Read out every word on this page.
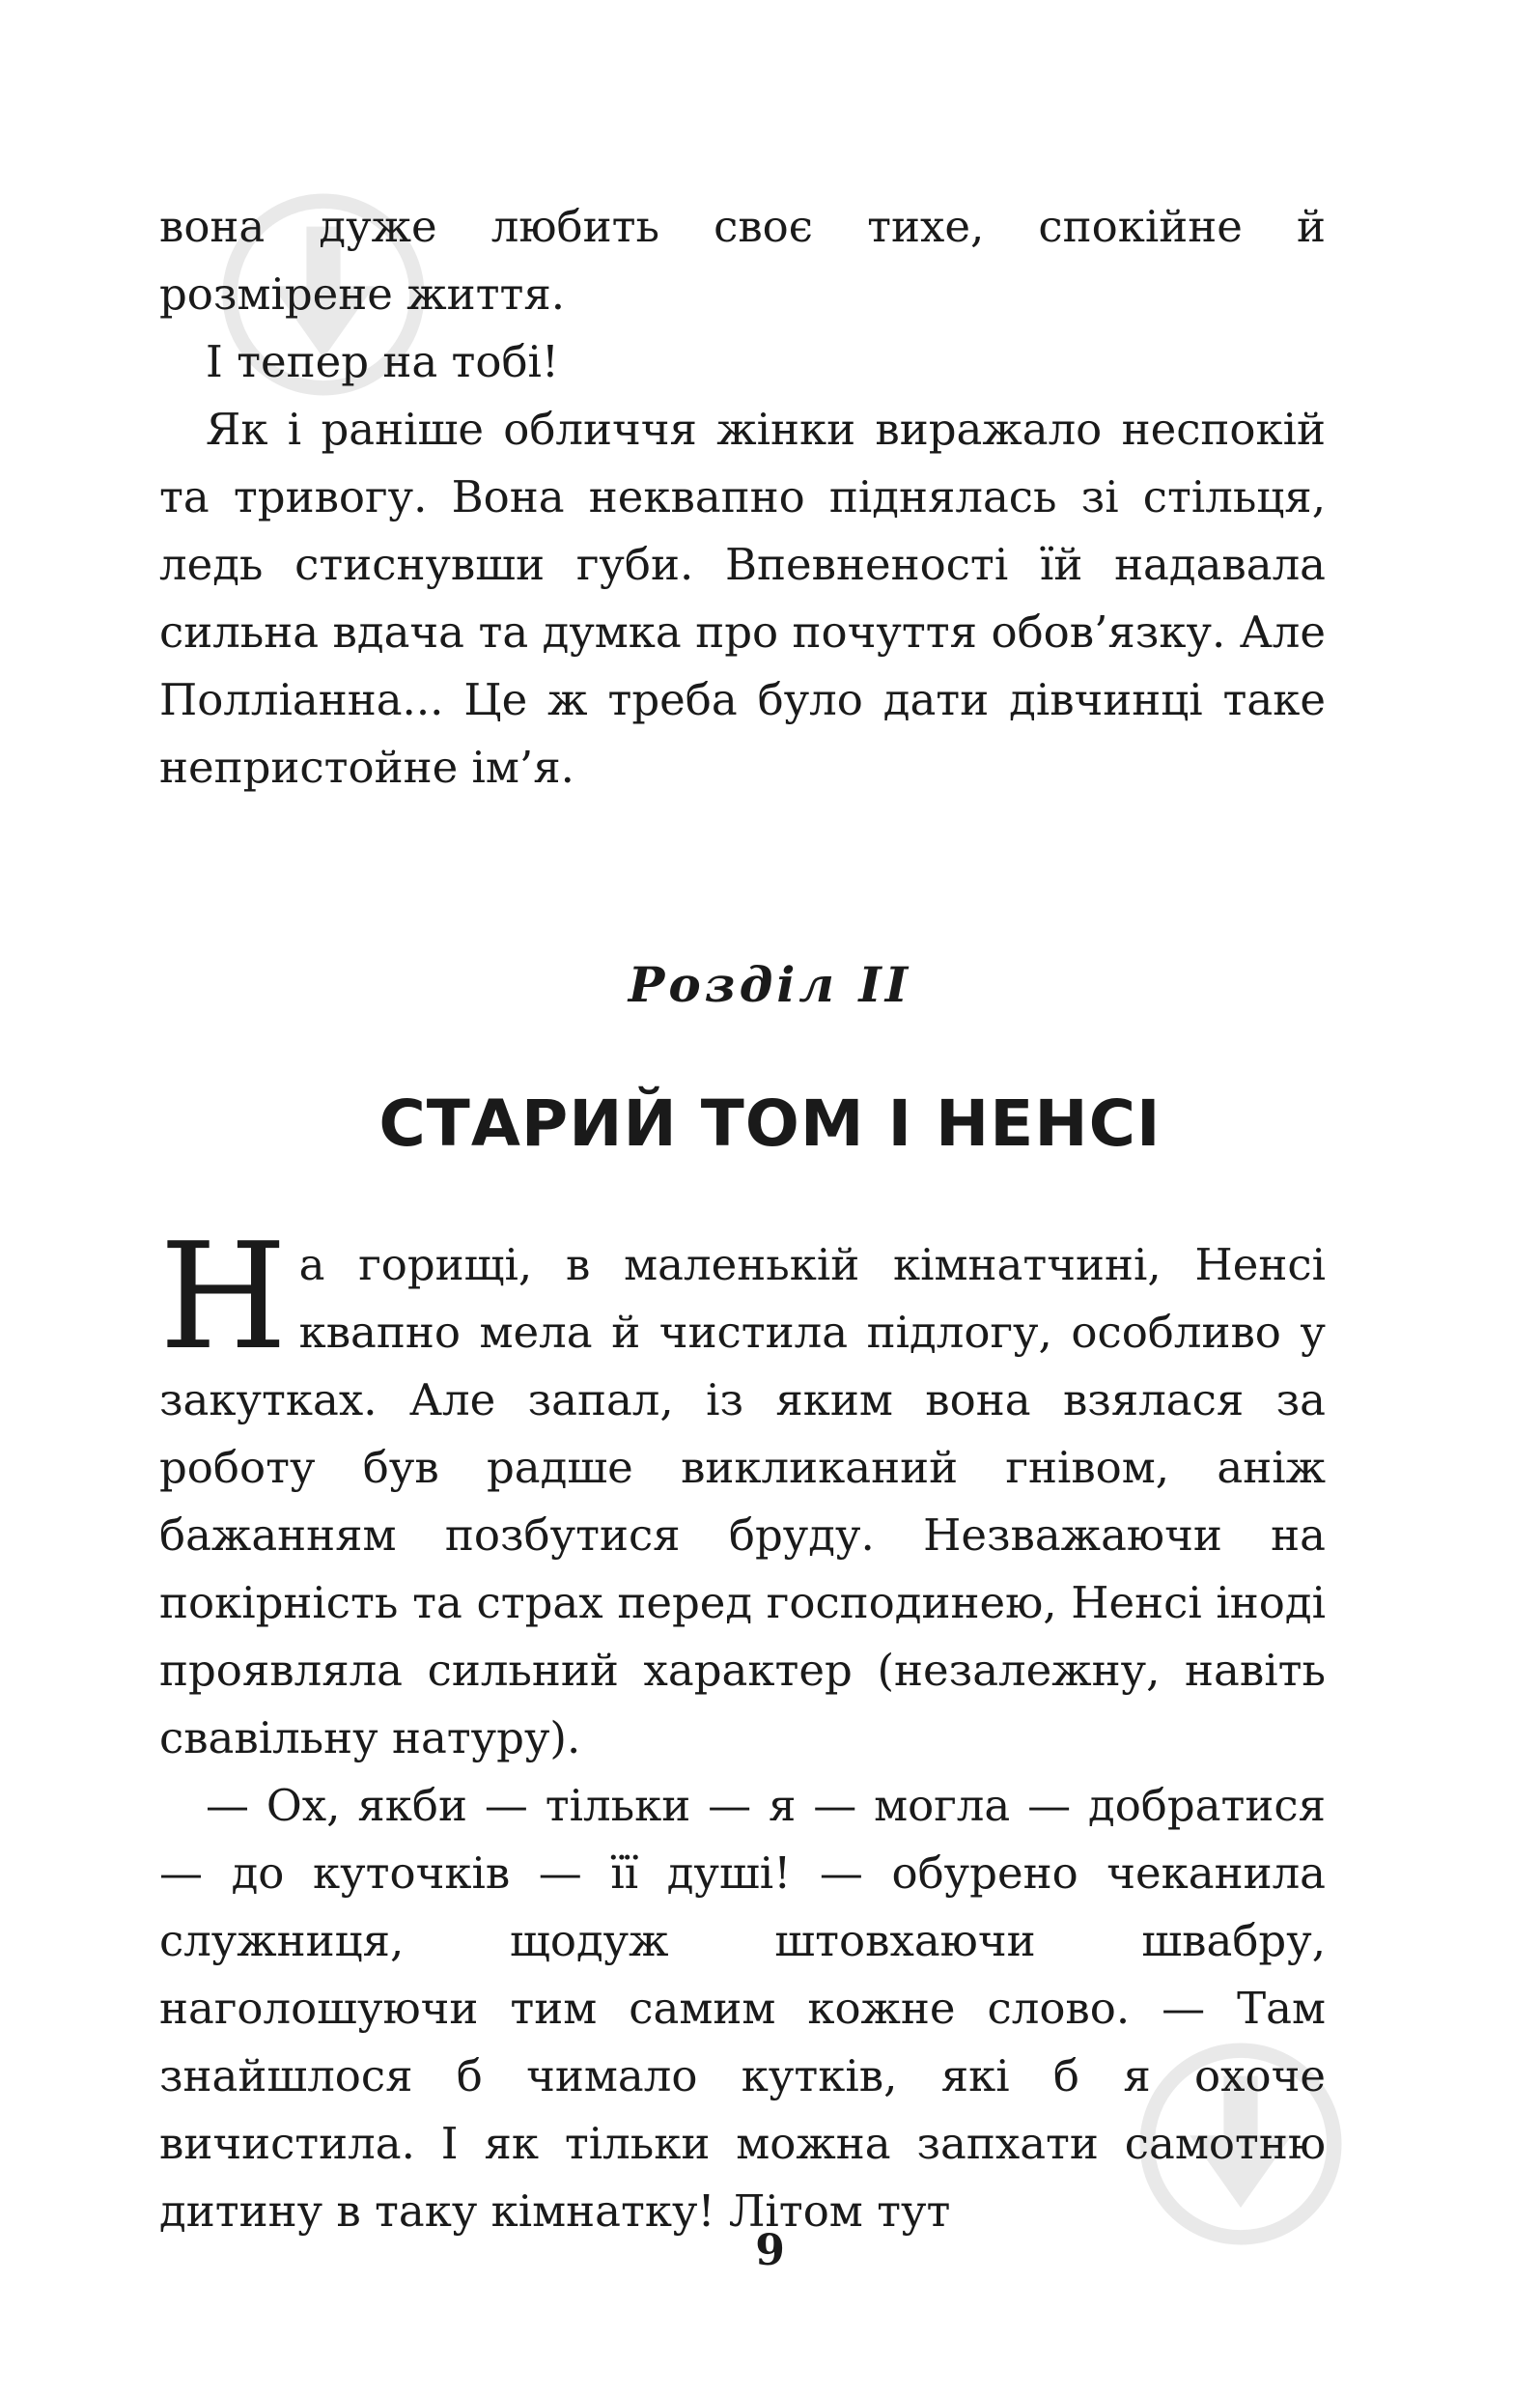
вона дуже любить своє тихе, спокійне й розмірене життя.

І тепер на тобі!

Як і раніше обличчя жінки виражало неспокій та тривогу. Вона неквапно піднялась зі стільця, ледь стиснувши губи. Впевненості їй надавала сильна вдача та думка про почуття обов’язку. Але Полліанна... Це ж треба було дати дівчинці таке непристойне ім’я.

Розділ II
СТАРИЙ ТОМ І НЕНСІ

На горищі, в маленькій кімнатчині, Ненсі квапно мела й чистила підлогу, особливо у закутках. Але запал, із яким вона взялася за роботу був радше викликаний гнівом, аніж бажанням позбутися бруду. Незважаючи на покірність та страх перед господинею, Ненсі іноді проявляла сильний характер (незалежну, навіть свавільну натуру).

— Ох, якби — тільки — я — могла — добратися — до куточків — її душі! — обурено чеканила служниця, щодуж штовхаючи швабру, наголошуючи тим самим кожне слово. — Там знайшлося б чимало кутків, які б я охоче вичистила. І як тільки можна запхати самотню дитину в таку кімнатку! Літом тут

9
